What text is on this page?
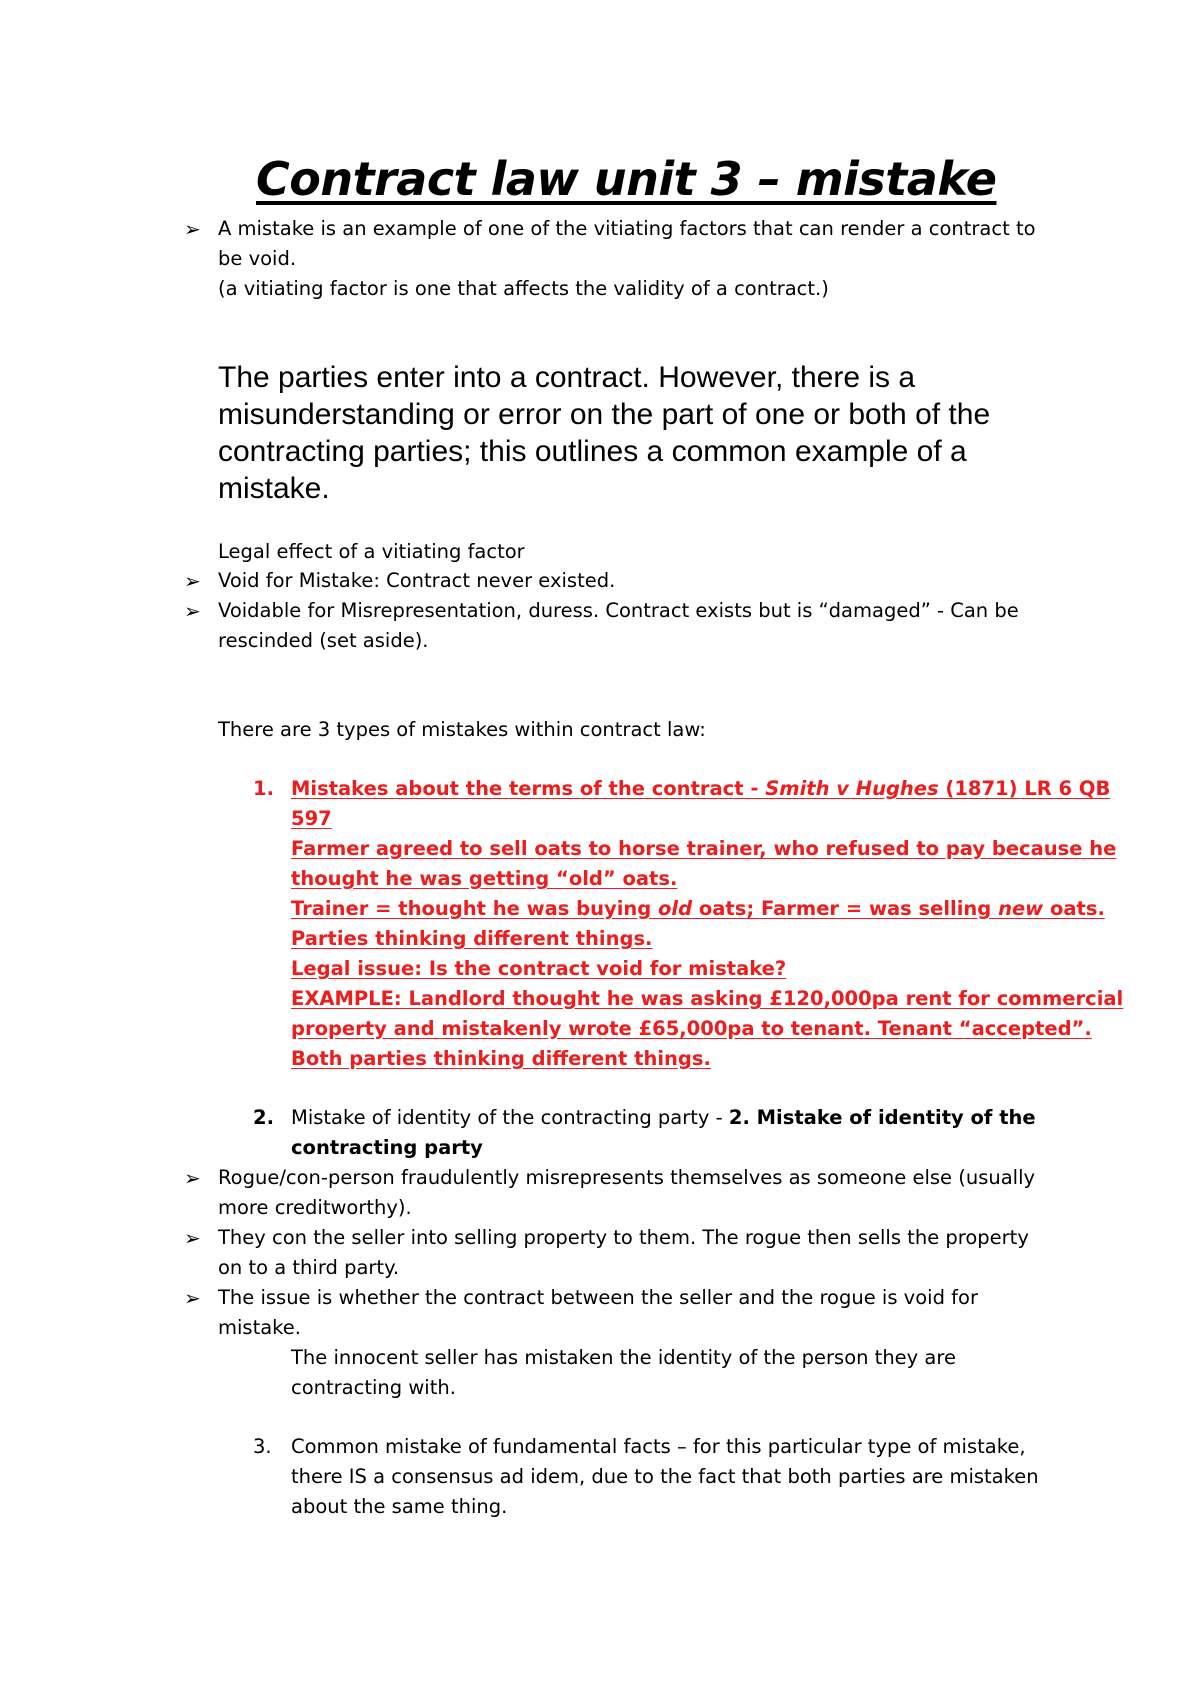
Contract law unit 3 – mistake
➢ A mistake is an example of one of the vitiating factors that can render a contract to
be void.
(a vitiating factor is one that affects the validity of a contract.)
The parties enter into a contract. However, there is a
misunderstanding or error on the part of one or both of the
contracting parties; this outlines a common example of a
mistake.
Legal effect of a vitiating factor
➢ Void for Mistake: Contract never existed.
➢ Voidable for Misrepresentation, duress. Contract exists but is “damaged” - Can be
rescinded (set aside).
There are 3 types of mistakes within contract law:
1. Mistakes about the terms of the contract - Smith v Hughes (1871) LR 6 QB
597
Farmer agreed to sell oats to horse trainer, who refused to pay because he
thought he was getting “old” oats.
Trainer = thought he was buying old oats; Farmer = was selling new oats.
Parties thinking different things.
Legal issue: Is the contract void for mistake?
EXAMPLE: Landlord thought he was asking £120,000pa rent for commercial
property and mistakenly wrote £65,000pa to tenant. Tenant “accepted”.
Both parties thinking different things.
2. Mistake of identity of the contracting party - 2. Mistake of identity of the
contracting party
➢ Rogue/con-person fraudulently misrepresents themselves as someone else (usually
more creditworthy).
➢ They con the seller into selling property to them. The rogue then sells the property
on to a third party.
➢ The issue is whether the contract between the seller and the rogue is void for
mistake.
The innocent seller has mistaken the identity of the person they are
contracting with.
3. Common mistake of fundamental facts – for this particular type of mistake,
there IS a consensus ad idem, due to the fact that both parties are mistaken
about the same thing.
